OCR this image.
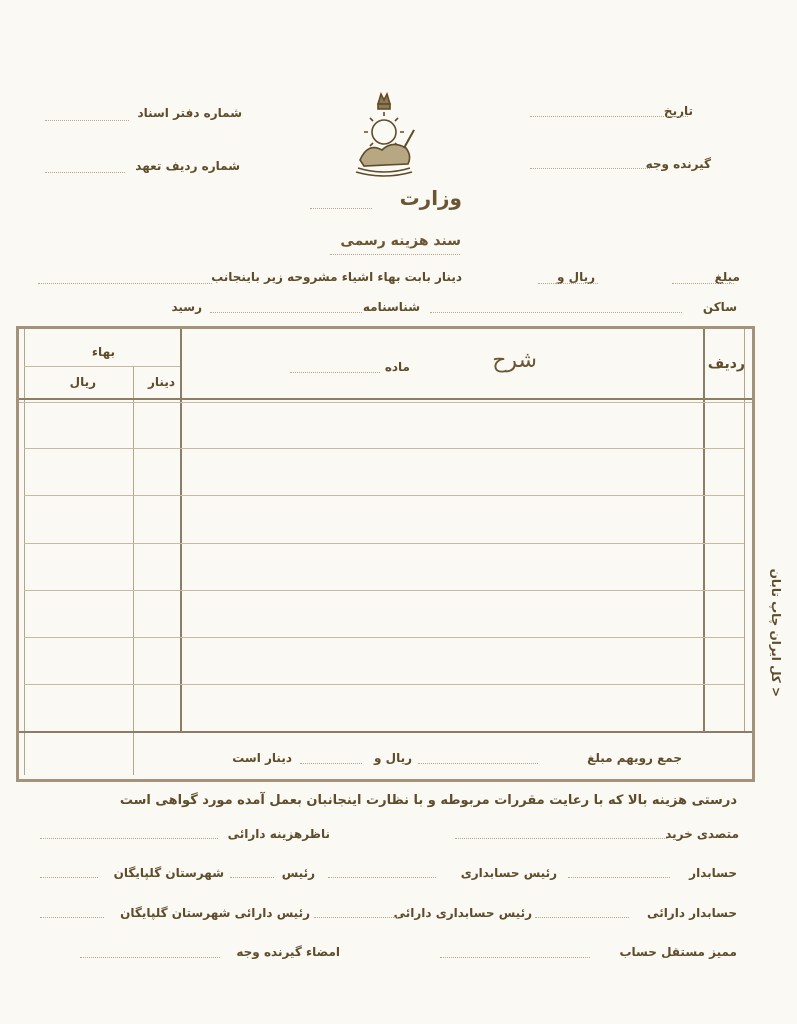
شماره دفتر اسناد
شماره ردیف تعهد
تاریخ
گیرنده وجه
وزارت
سند هزینه رسمی
مبلغ
ریال و
دینار بابت بهاء اشیاء مشروحه زیر باینجانب
ساکن
شناسنامه
رسید
ردیف
شرح
ماده
بهاء
دینار
ریال
جمع رویهم مبلغ
ریال و
دینار است
< کل ایران چاپ تابان
درستی هزینه بالا که با رعایت مقررات مربوطه و با نظارت اینجانبان بعمل آمده مورد گواهی است
متصدی خرید
ناظرهزینه دارائی
حسابدار
رئیس حسابداری
رئیس
شهرستان گلپایگان
حسابدار دارائی
رئیس حسابداری دارائی
رئیس دارائی شهرستان گلپایگان
ممیز مستقل حساب
امضاء گیرنده وجه
